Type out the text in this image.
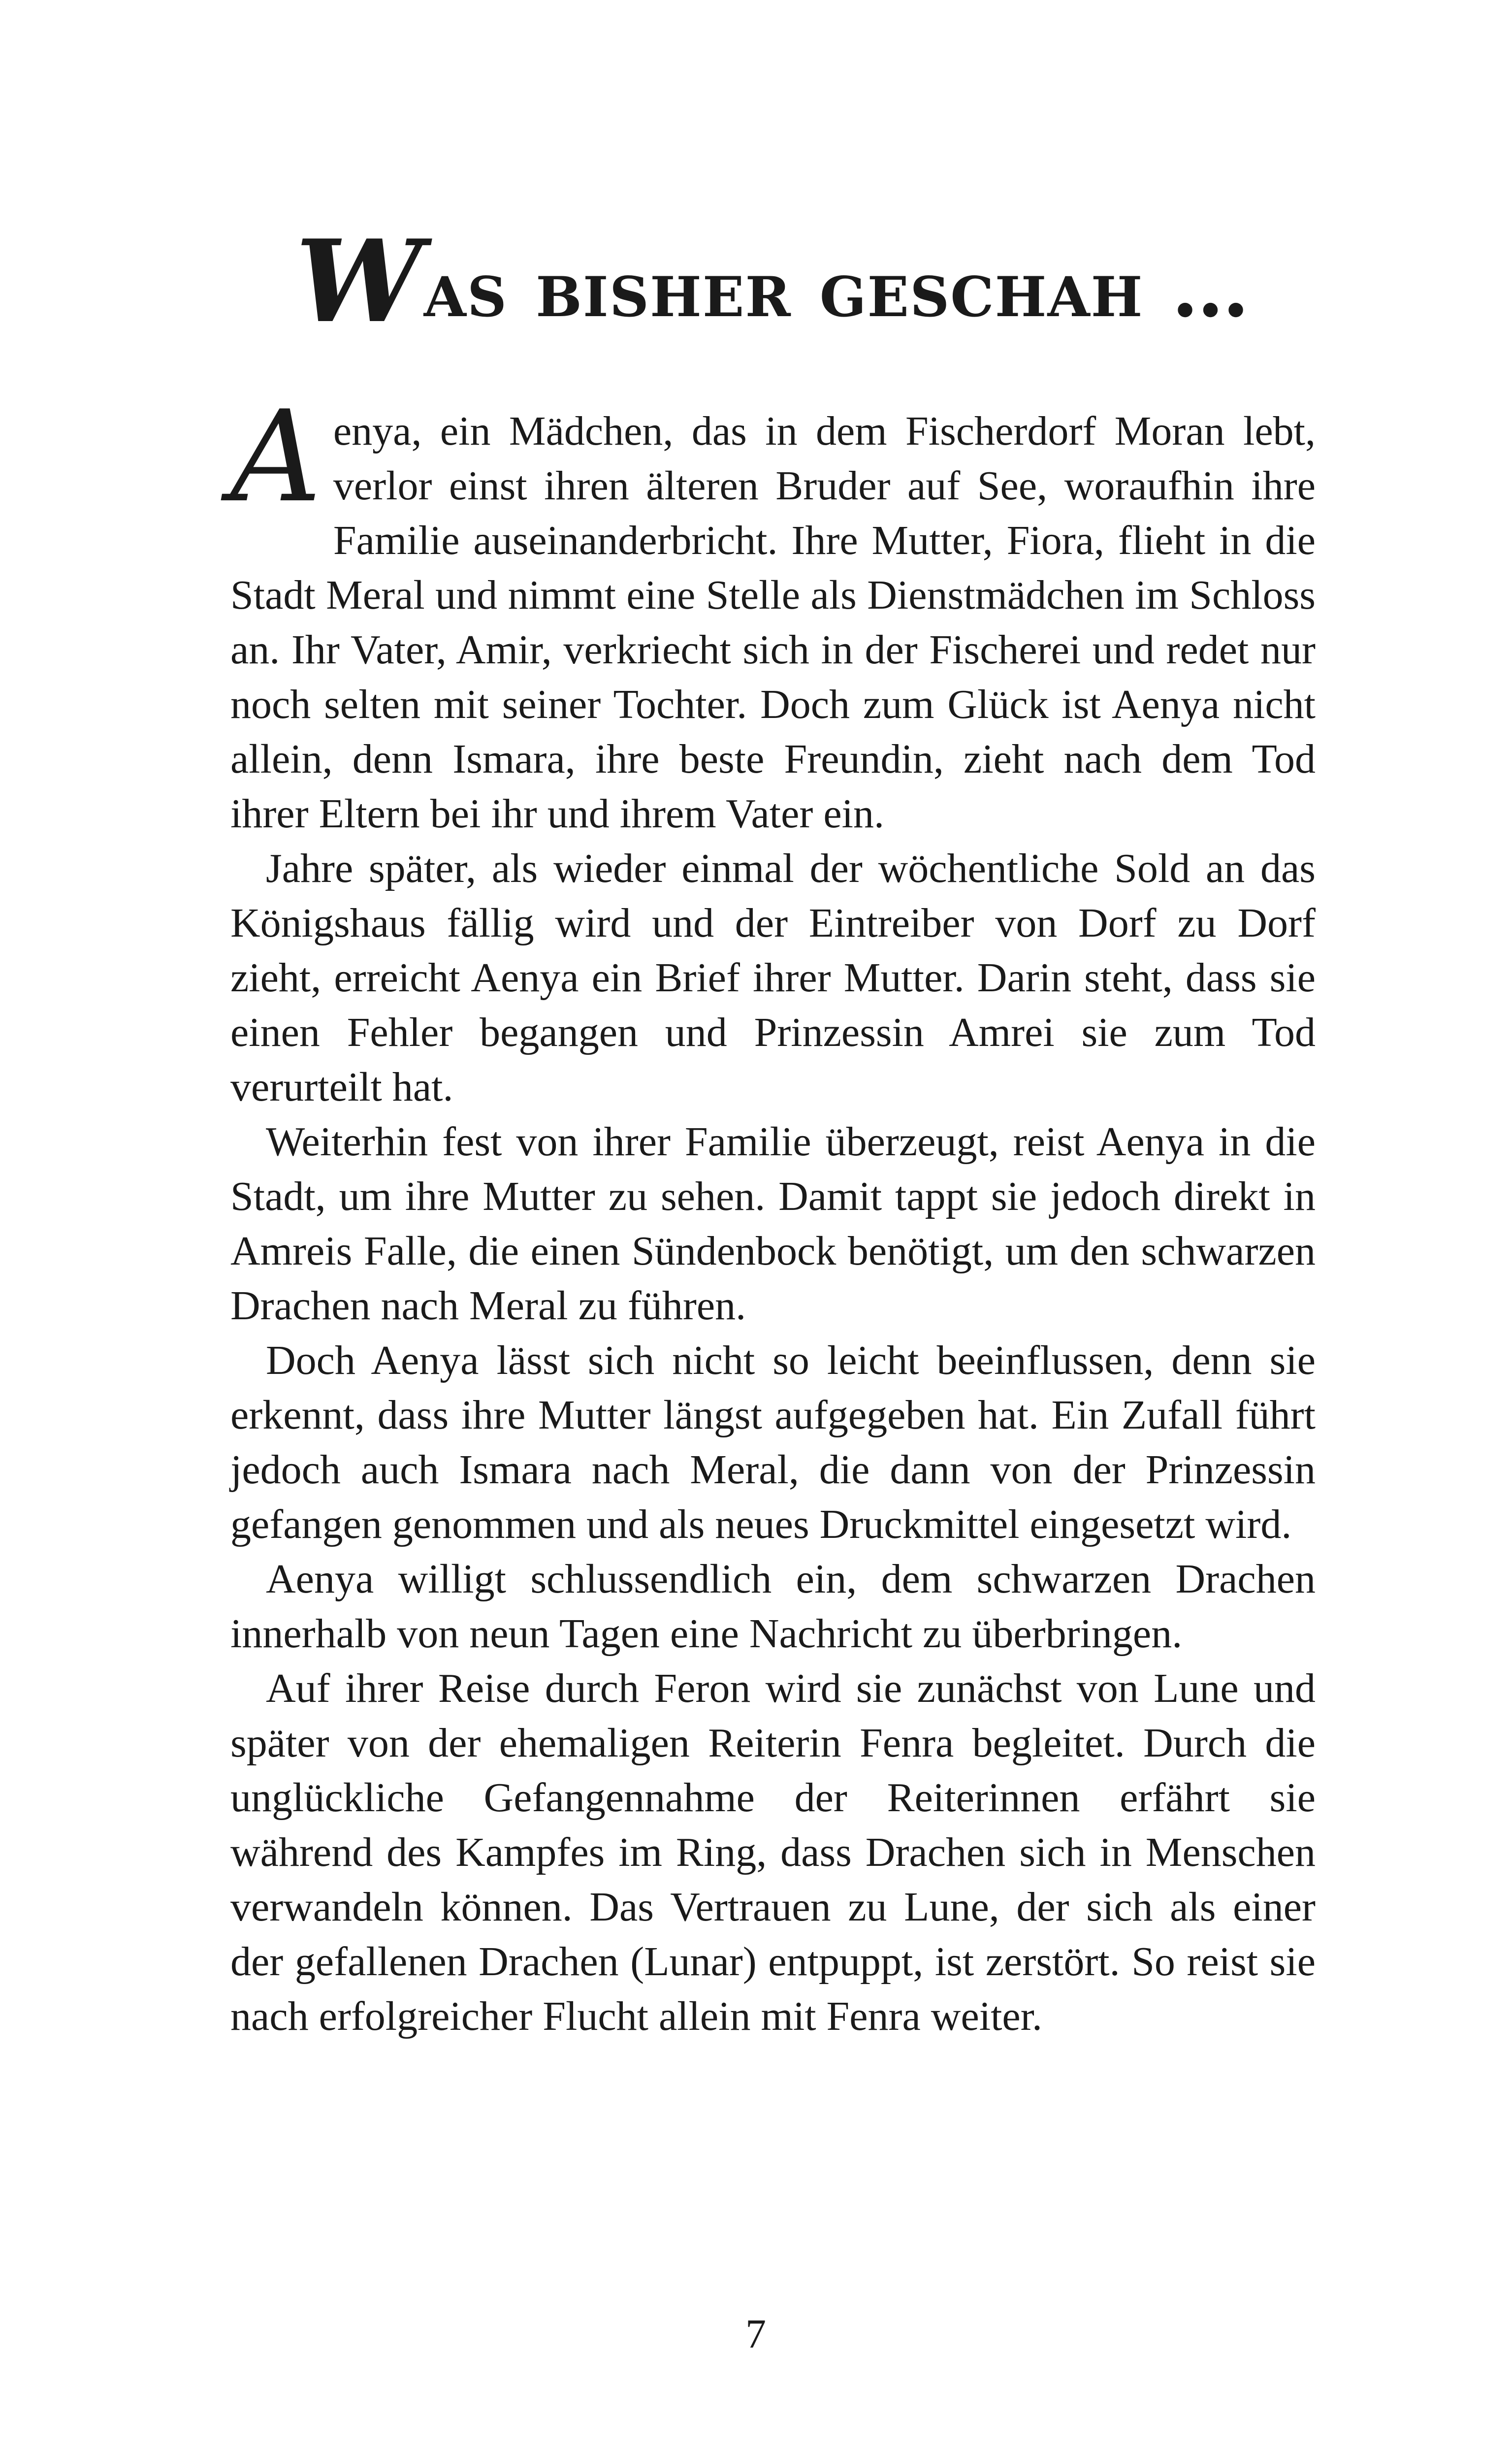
Was bisher geschah …

Aenya, ein Mädchen, das in dem Fischerdorf Moran lebt, verlor einst ihren älteren Bruder auf See, woraufhin ihre Familie auseinanderbricht. Ihre Mutter, Fiora, flieht in die Stadt Meral und nimmt eine Stelle als Dienstmädchen im Schloss an. Ihr Vater, Amir, verkriecht sich in der Fischerei und redet nur noch selten mit seiner Tochter. Doch zum Glück ist Aenya nicht allein, denn Ismara, ihre beste Freundin, zieht nach dem Tod ihrer Eltern bei ihr und ihrem Vater ein.

Jahre später, als wieder einmal der wöchentliche Sold an das Königshaus fällig wird und der Eintreiber von Dorf zu Dorf zieht, erreicht Aenya ein Brief ihrer Mutter. Darin steht, dass sie einen Fehler begangen und Prinzessin Amrei sie zum Tod verurteilt hat.

Weiterhin fest von ihrer Familie überzeugt, reist Aenya in die Stadt, um ihre Mutter zu sehen. Damit tappt sie jedoch direkt in Amreis Falle, die einen Sündenbock benötigt, um den schwarzen Drachen nach Meral zu führen.

Doch Aenya lässt sich nicht so leicht beeinflussen, denn sie erkennt, dass ihre Mutter längst aufgegeben hat. Ein Zufall führt jedoch auch Ismara nach Meral, die dann von der Prinzessin gefangen genommen und als neues Druckmittel eingesetzt wird.

Aenya willigt schlussendlich ein, dem schwarzen Drachen innerhalb von neun Tagen eine Nachricht zu überbringen.

Auf ihrer Reise durch Feron wird sie zunächst von Lune und später von der ehemaligen Reiterin Fenra begleitet. Durch die unglückliche Gefangennahme der Reiterinnen erfährt sie während des Kampfes im Ring, dass Drachen sich in Menschen verwandeln können. Das Vertrauen zu Lune, der sich als einer der gefallenen Drachen (Lunar) entpuppt, ist zerstört. So reist sie nach erfolgreicher Flucht allein mit Fenra weiter.

7
